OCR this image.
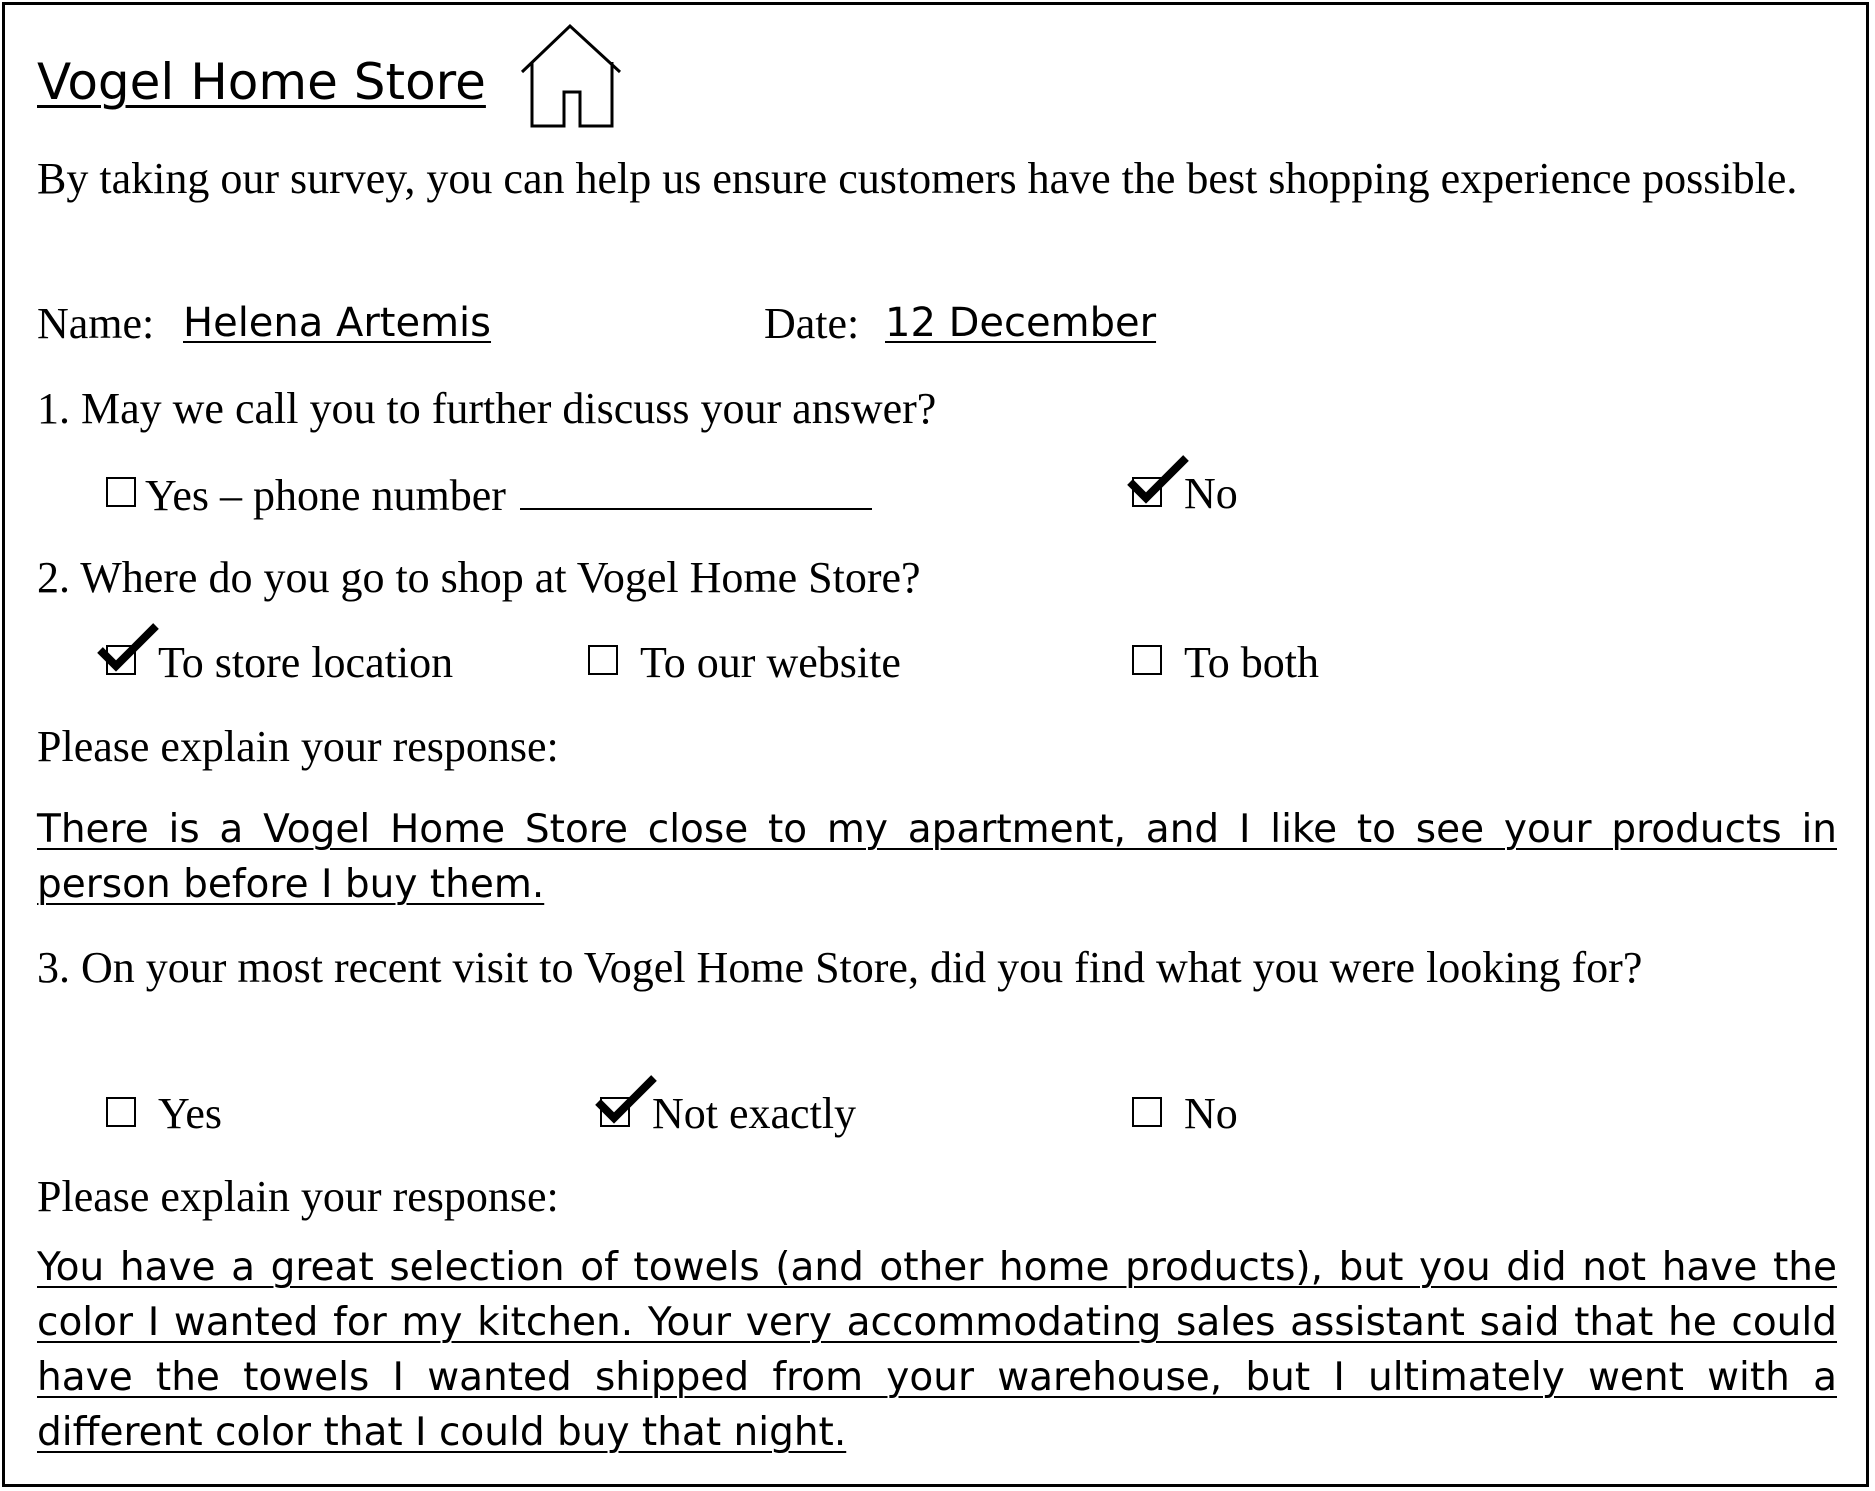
Vogel Home Store
By taking our survey, you can help us ensure customers have the best shopping experience possible.
Name: Helena Artemis	Date: 12 December
1. May we call you to further discuss your answer?
Yes – phone number	No
2. Where do you go to shop at Vogel Home Store?
To store location	To our website	To both
Please explain your response:
There is a Vogel Home Store close to my apartment, and I like to see your products in person before I buy them.
3. On your most recent visit to Vogel Home Store, did you find what you were looking for?
Yes	Not exactly	No
Please explain your response:
You have a great selection of towels (and other home products), but you did not have the color I wanted for my kitchen. Your very accommodating sales assistant said that he could have the towels I wanted shipped from your warehouse, but I ultimately went with a different color that I could buy that night.
